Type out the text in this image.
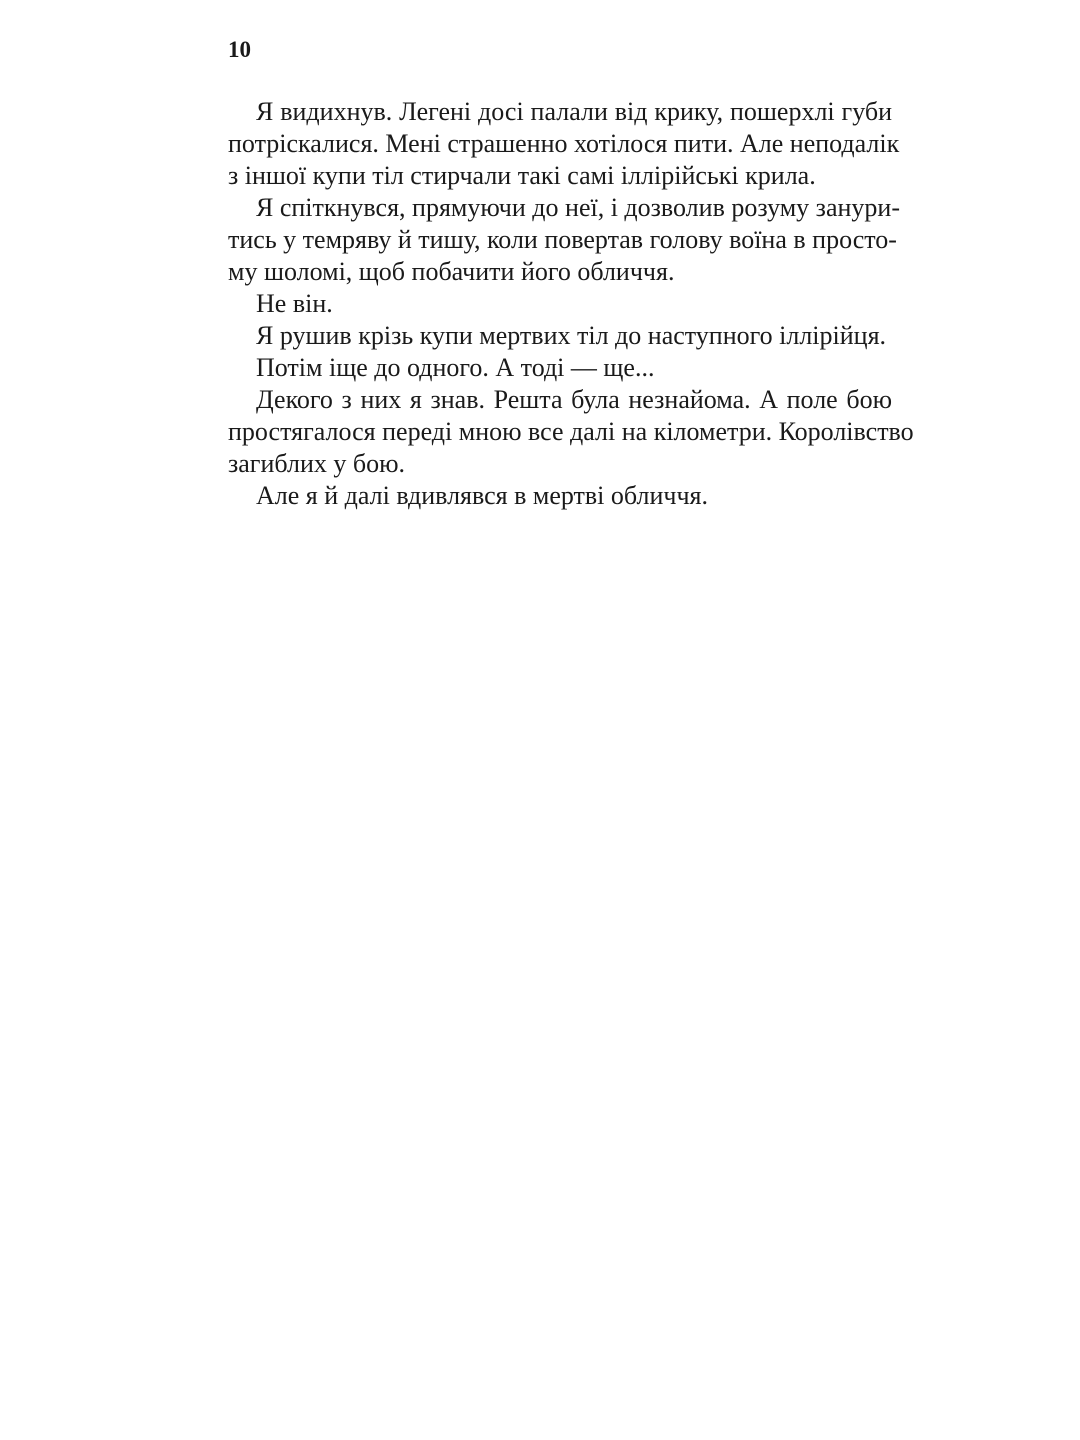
10
Я видихнув. Легені досі палали від крику, пошерхлі губи
потріскалися. Мені страшенно хотілося пити. Але неподалік
з іншої купи тіл стирчали такі самі іллірійські крила.
Я спіткнувся, прямуючи до неї, і дозволив розуму занури-
тись у темряву й тишу, коли повертав голову воїна в просто-
му шоломі, щоб побачити його обличчя.
Не він.
Я рушив крізь купи мертвих тіл до наступного іллірійця.
Потім іще до одного. А тоді — ще...
Декого з них я знав. Решта була незнайома. А поле бою
простягалося переді мною все далі на кілометри. Королівство
загиблих у бою.
Але я й далі вдивлявся в мертві обличчя.
